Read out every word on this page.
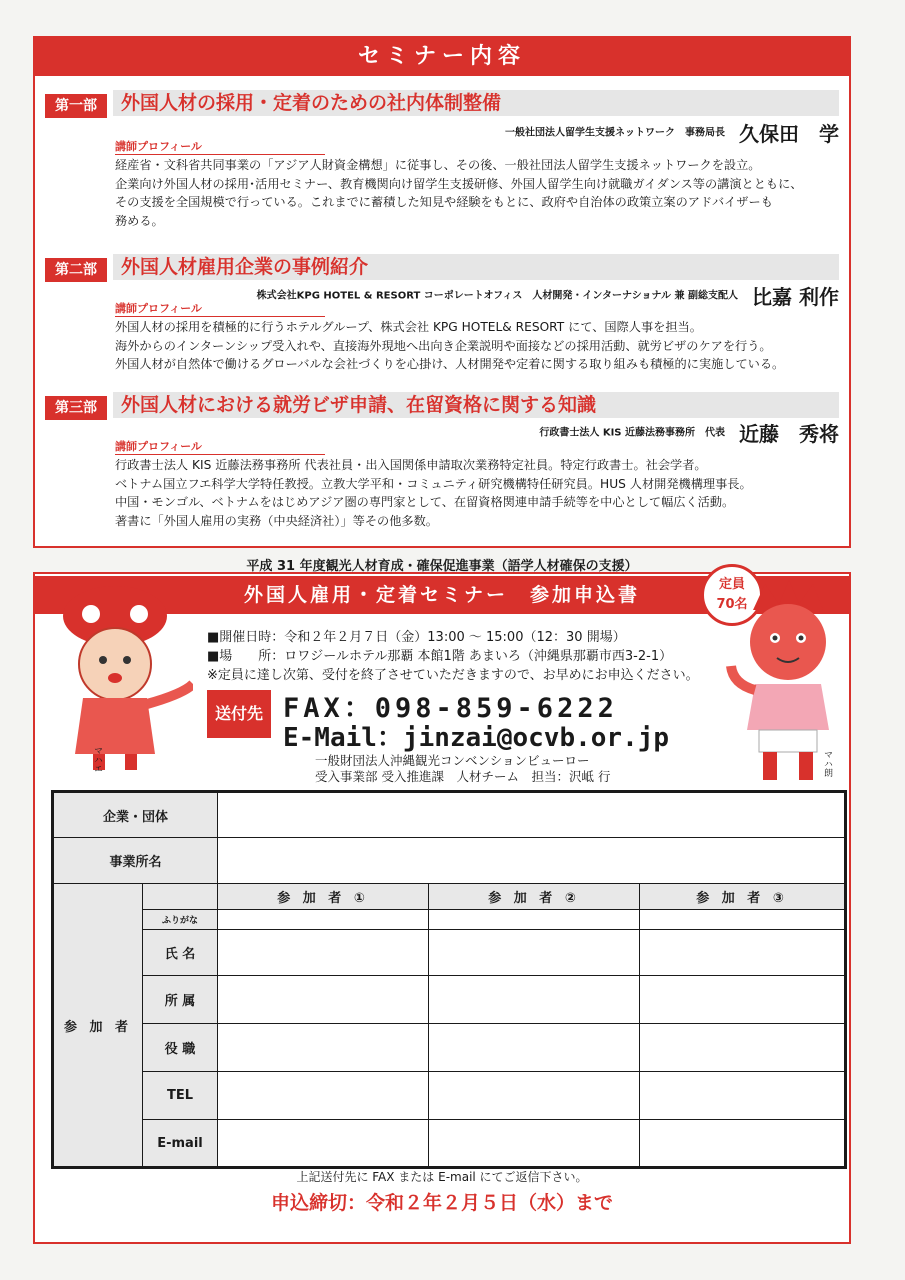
セミナー内容
第一部	外国人材の採用・定着のための社内体制整備
一般社団法人留学生支援ネットワーク　事務局長 久保田　学
講師プロフィール
経産省・文科省共同事業の「アジア人財資金構想」に従事し、その後、一般社団法人留学生支援ネットワークを設立。
企業向け外国人材の採用･活用セミナー、教育機関向け留学生支援研修、外国人留学生向け就職ガイダンス等の講演とともに、
その支援を全国規模で行っている。これまでに蓄積した知見や経験をもとに、政府や自治体の政策立案のアドバイザーも
務める。
第二部	外国人材雇用企業の事例紹介
株式会社KPG HOTEL & RESORT コーポレートオフィス　人材開発・インターナショナル 兼 副総支配人 比嘉 利作
講師プロフィール
外国人材の採用を積極的に行うホテルグループ、株式会社 KPG HOTEL& RESORT にて、国際人事を担当。
海外からのインターンシップ受入れや、直接海外現地へ出向き企業説明や面接などの採用活動、就労ビザのケアを行う。
外国人材が自然体で働けるグローバルな会社づくりを心掛け、人材開発や定着に関する取り組みも積極的に実施している。
第三部	外国人材における就労ビザ申請、在留資格に関する知識
行政書士法人 KIS 近藤法務事務所　代表 近藤　秀将
講師プロフィール
行政書士法人 KIS 近藤法務事務所 代表社員・出入国関係申請取次業務特定社員。特定行政書士。社会学者。
ベトナム国立フエ科学大学特任教授。立教大学平和・コミュニティ研究機構特任研究員。HUS 人材開発機構理事長。
中国・モンゴル、ベトナムをはじめアジア圏の専門家として、在留資格関連申請手続等を中心として幅広く活動。
著書に「外国人雇用の実務（中央経済社）」等その他多数。
平成 31 年度観光人材育成・確保促進事業（語学人材確保の支援）
外国人雇用・定着セミナー　参加申込書	定員
70名
マハエ	マハ朗
■開催日時：令和２年２月７日（金）13:00 ～ 15:00（12：30 開場）
■場　　所：ロワジールホテル那覇 本館1階 あまいろ（沖縄県那覇市西3-2-1）
※定員に達し次第、受付を終了させていただきますので、お早めにお申込ください。
送付先 FAX：098-859-6222
E-Mail：jinzai@ocvb.or.jp
一般財団法人沖縄観光コンベンションビューロー
受入事業部 受入推進課　人材チーム　担当：沢岻 行
企業・団体				
事業所名				
参 加 者		参 加 者 ①	参 加 者 ②	参 加 者 ③
	ふりがな			
	氏 名			
	所 属			
	役 職			
	TEL			
	E-mail			
上記送付先に FAX または E-mail にてご返信下さい。
申込締切：令和２年２月５日（水）まで
